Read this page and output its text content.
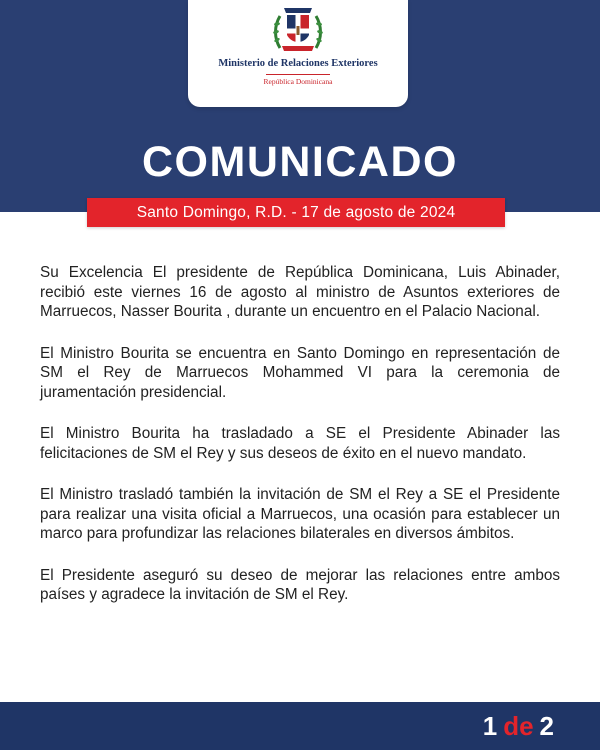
Ministerio de Relaciones Exteriores
República Dominicana
COMUNICADO
Santo Domingo, R.D. - 17 de agosto de 2024

Su Excelencia El presidente de República Dominicana, Luis Abinader, recibió este viernes 16 de agosto al ministro de Asuntos exteriores de Marruecos, Nasser Bourita , durante un encuentro en el Palacio Nacional.

El Ministro Bourita se encuentra en Santo Domingo en representación de SM el Rey de Marruecos Mohammed VI para la ceremonia de juramentación presidencial.

El Ministro Bourita ha trasladado a SE el Presidente Abinader las felicitaciones de SM el Rey y sus deseos de éxito en el nuevo mandato.

El Ministro trasladó también la invitación de SM el Rey a SE el Presidente para realizar una visita oficial a Marruecos, una ocasión para establecer un marco para profundizar las relaciones bilaterales en diversos ámbitos.

El Presidente aseguró su deseo de mejorar las relaciones entre ambos países y agradece la invitación de SM el Rey.

1 de 2
